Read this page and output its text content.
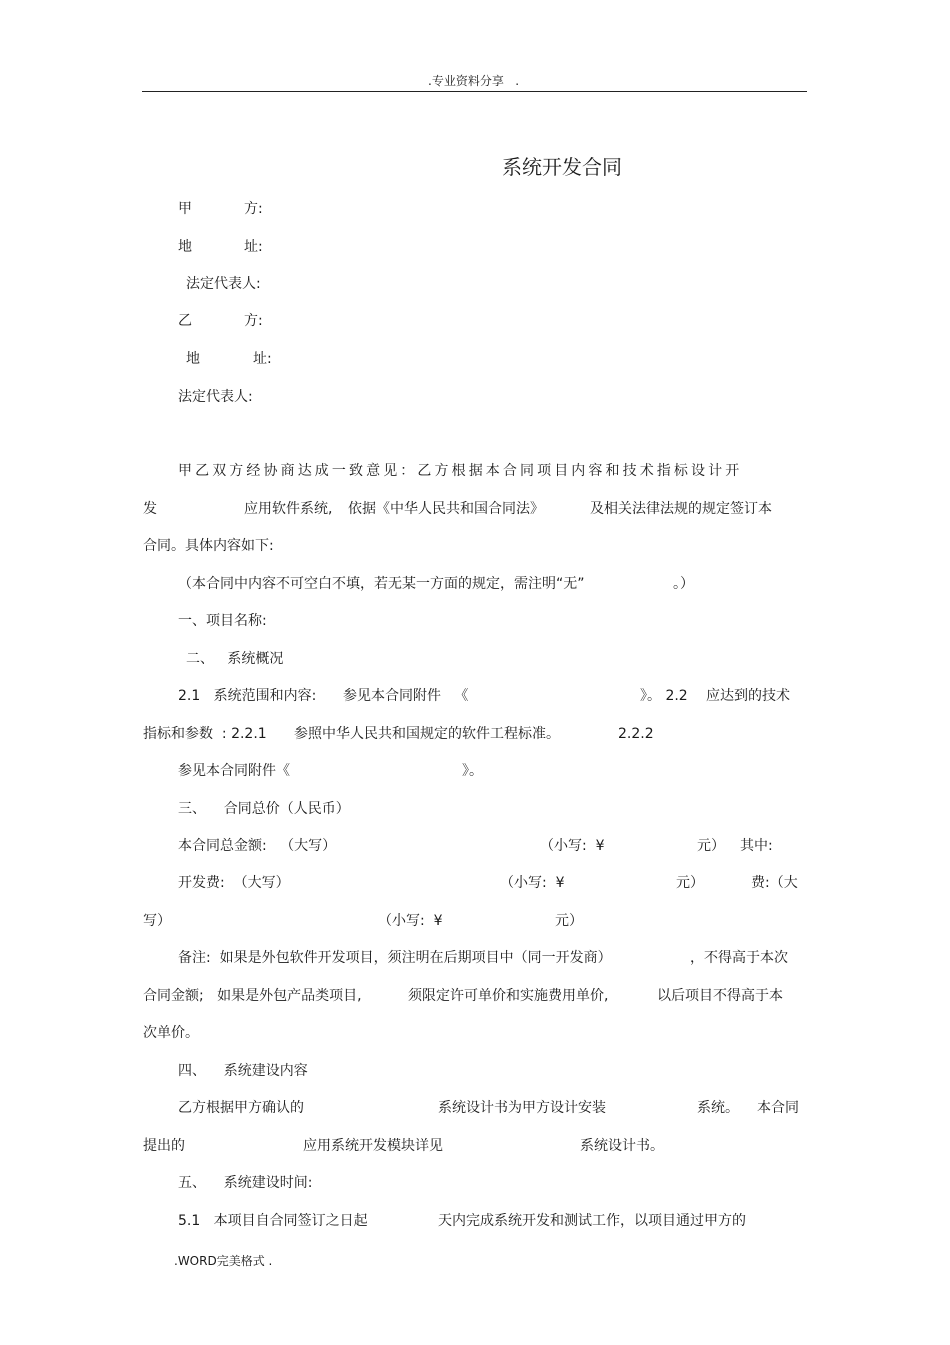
.专业资料分享   .
系统开发合同
甲	方:
地	址:
法定代表人:
乙	方:
地	址:
法定代表人:
甲乙双方经协商达成一致意见：乙方根据本合同项目内容和技术指标设计开
发	应用软件系统, 依据《中华人民共和国合同法》	及相关法律法规的规定签订本
合同。具体内容如下:
（本合同中内容不可空白不填，若无某一方面的规定，需注明“无”	。）
一、项目名称:
二、   系统概况
2.1   系统范围和内容: 参见本合同附件   《	》。 2.2 应达到的技术
指标和参数  : 2.2.1 参照中华人民共和国规定的软件工程标准。	2.2.2
参见本合同附件《	》。
三、    合同总价（人民币）
本合同总金额:   （大写）	（小写:  ¥	元） 其中:
开发费:  （大写）	（小写:  ¥	元）	费:（大
写）	（小写:  ¥	元）
备注:  如果是外包软件开发项目，须注明在后期项目中（同一开发商）	，不得高于本次
合同金额;   如果是外包产品类项目,	须限定许可单价和实施费用单价,	以后项目不得高于本
次单价。
四、    系统建设内容
乙方根据甲方确认的	系统设计书为甲方设计安装	系统。 本合同
提出的	应用系统开发模块详见	系统设计书。
五、    系统建设时间:
5.1   本项目自合同签订之日起	天内完成系统开发和测试工作，以项目通过甲方的
.WORD完美格式 .
